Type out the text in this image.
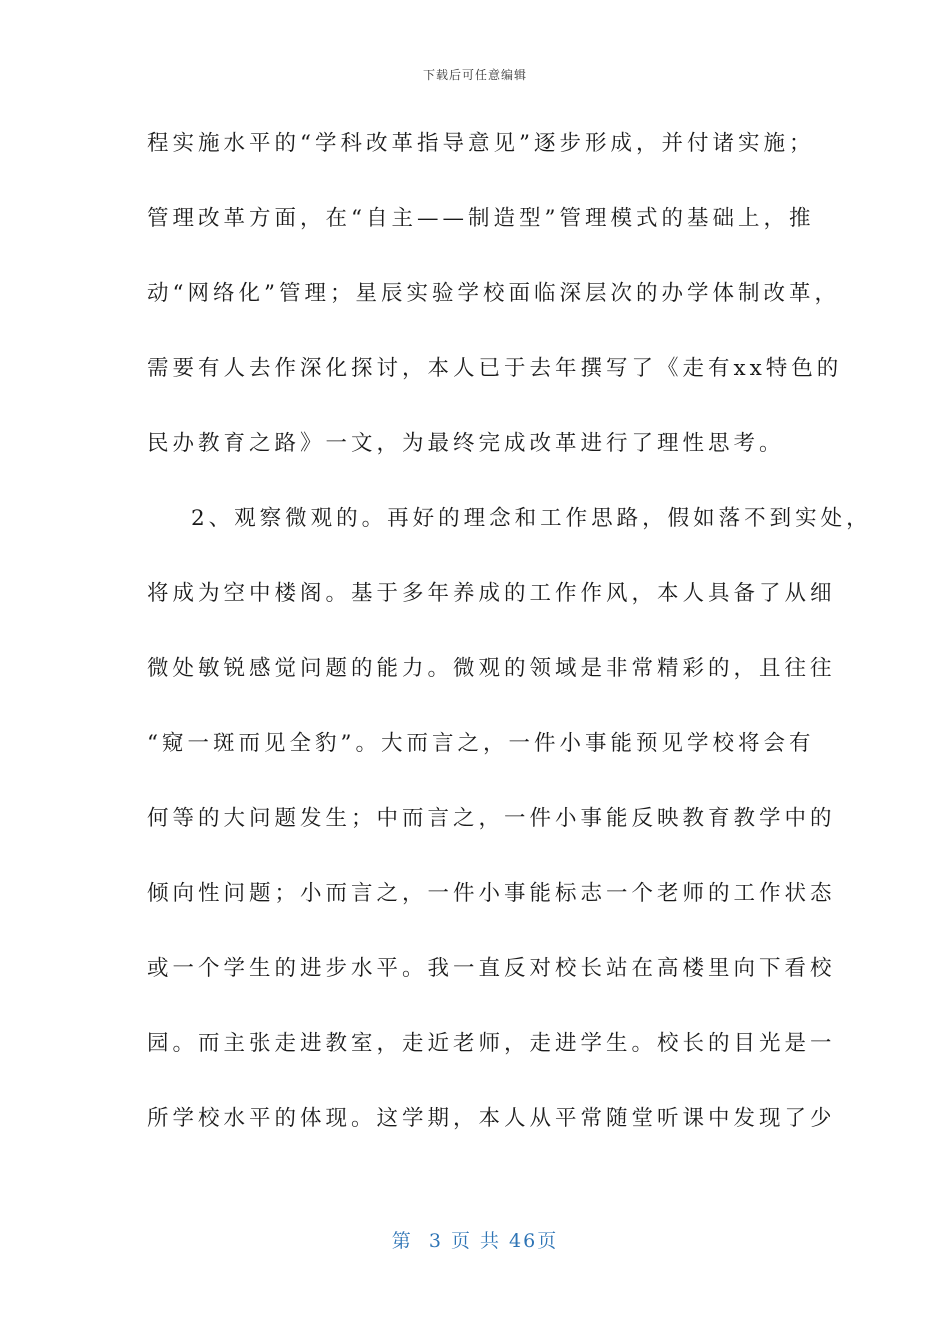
下载后可任意编辑
程实施水平的“学科改革指导意见”逐步形成，并付诸实施；
管理改革方面，在“自主——制造型”管理模式的基础上，推
动“网络化”管理；星辰实验学校面临深层次的办学体制改革，
需要有人去作深化探讨，本人已于去年撰写了《走有xx特色的
民办教育之路》一文，为最终完成改革进行了理性思考。
2、观察微观的。再好的理念和工作思路，假如落不到实处，
将成为空中楼阁。基于多年养成的工作作风，本人具备了从细
微处敏锐感觉问题的能力。微观的领域是非常精彩的，且往往
“窥一斑而见全豹”。大而言之，一件小事能预见学校将会有
何等的大问题发生；中而言之，一件小事能反映教育教学中的
倾向性问题；小而言之，一件小事能标志一个老师的工作状态
或一个学生的进步水平。我一直反对校长站在高楼里向下看校
园。而主张走进教室，走近老师，走进学生。校长的目光是一
所学校水平的体现。这学期，本人从平常随堂听课中发现了少
第  3 页 共 46页
